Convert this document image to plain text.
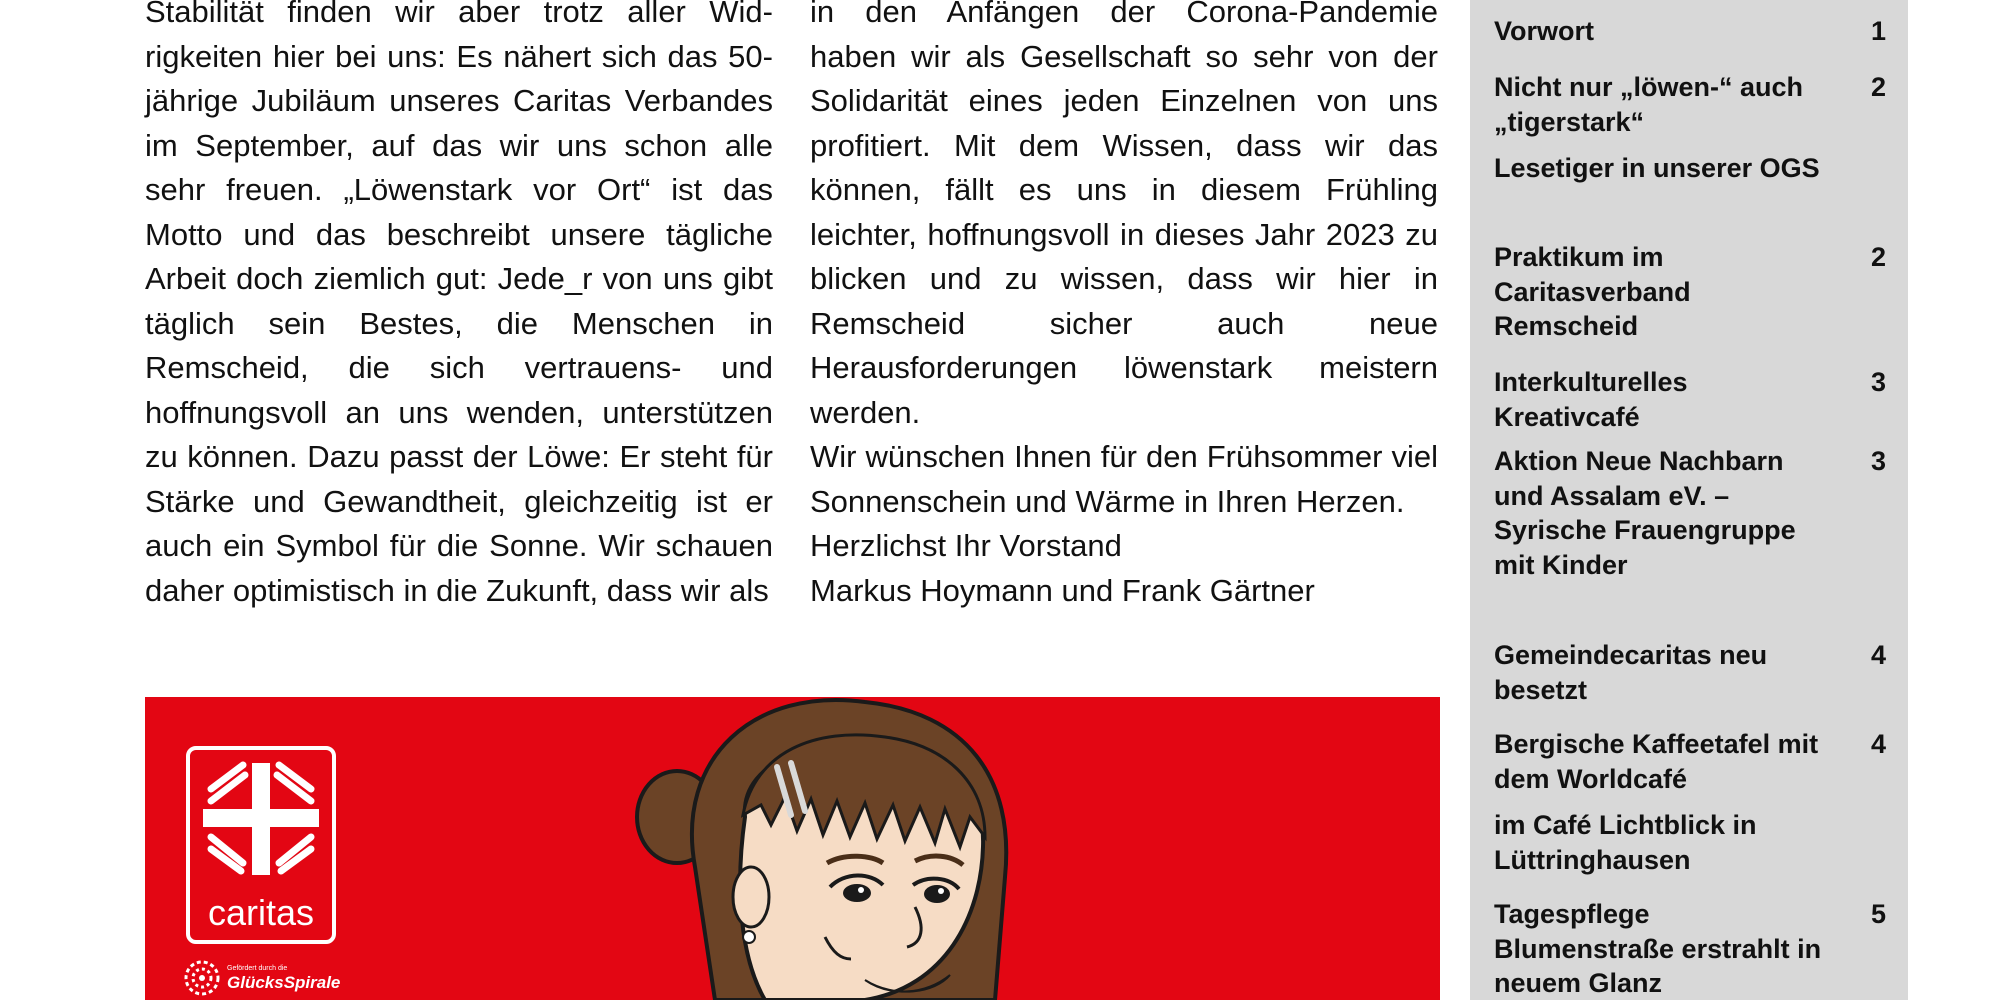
Stabilität finden wir aber trotz aller Widrigkeiten hier bei uns: Es nähert sich das 50-jährige Jubiläum unseres Caritas Verbandes im September, auf das wir uns schon alle sehr freuen. „Löwenstark vor Ort“ ist das Motto und das beschreibt unsere tägliche Arbeit doch ziemlich gut: Jede_r von uns gibt täglich sein Bestes, die Menschen in Remscheid, die sich vertrauens- und hoffnungsvoll an uns wenden, unterstützen zu können. Dazu passt der Löwe: Er steht für Stärke und Gewandtheit, gleichzeitig ist er auch ein Symbol für die Sonne. Wir schauen daher optimistisch in die Zukunft, dass wir als

in den Anfängen der Corona-Pandemie haben wir als Gesellschaft so sehr von der Solidarität eines jeden Einzelnen von uns profitiert. Mit dem Wissen, dass wir das können, fällt es uns in diesem Frühling leichter, hoffnungsvoll in dieses Jahr 2023 zu blicken und zu wissen, dass wir hier in Remscheid sicher auch neue Herausforderungen löwenstark meistern werden.

Wir wünschen Ihnen für den Frühsommer viel Sonnenschein und Wärme in Ihren Herzen.

Herzlichst Ihr Vorstand

Markus Hoymann und Frank Gärtner

Vorwort	1
Nicht nur „löwen-“ auch „tigerstark“
2
Lesetiger in unserer OGS
Praktikum im Caritasverband Remscheid
2
Interkulturelles Kreativcafé
3
Aktion Neue Nachbarn und Assalam eV. – Syrische Frauengruppe mit Kinder
3
Gemeindecaritas neu besetzt
4
Bergische Kaffeetafel mit dem Worldcafé
4
im Café Lichtblick in Lüttringhausen
Tagespflege Blumenstraße erstrahlt in neuem Glanz
5
caritas
Gefördert durch die
GlücksSpirale
